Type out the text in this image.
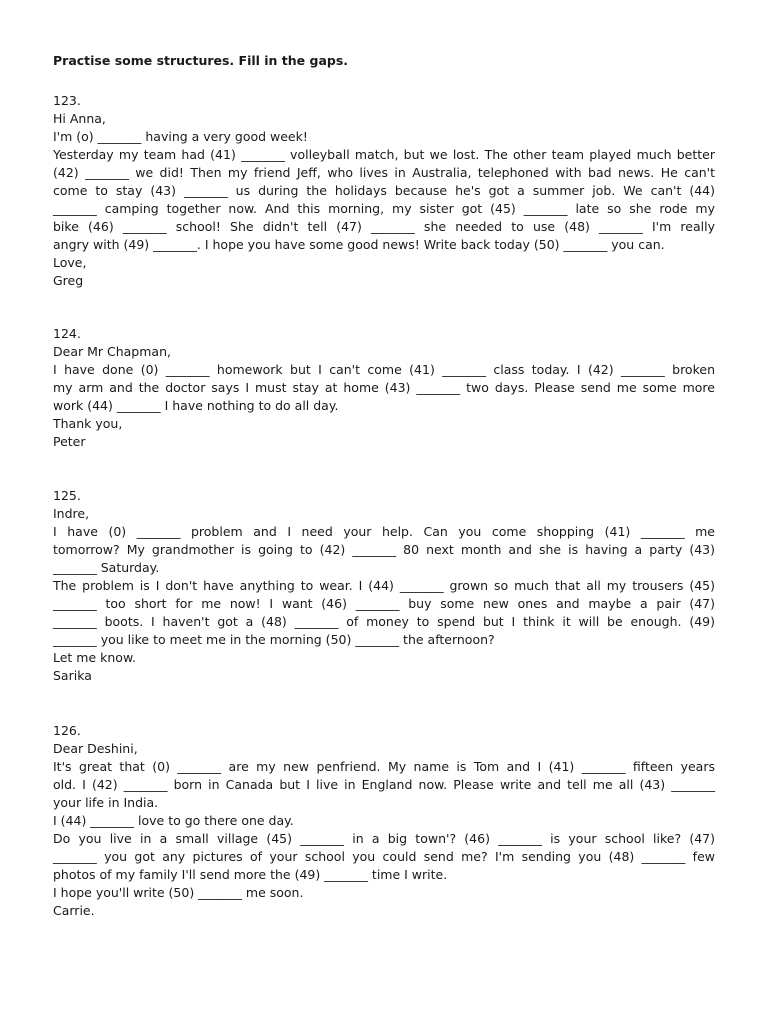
Practise some structures. Fill in the gaps.
123.
Hi Anna,
I'm (o) _______ having a very good week!
Yesterday my team had (41) _______ volleyball match, but we lost. The other team played much better
(42) _______ we did! Then my friend Jeff, who lives in Australia, telephoned with bad news. He can't
come to stay (43) _______ us during the holidays because he's got a summer job. We can't (44)
_______ camping together now. And this morning, my sister got (45) _______ late so she rode my
bike (46) _______ school! She didn't tell (47) _______ she needed to use (48) _______ I'm really
angry with (49) _______. I hope you have some good news! Write back today (50) _______ you can.
Love,
Greg
124.
Dear Mr Chapman,
I have done (0) _______ homework but I can't come (41) _______ class today. I (42) _______ broken
my arm and the doctor says I must stay at home (43) _______ two days. Please send me some more
work (44) _______ I have nothing to do all day.
Thank you,
Peter
125.
Indre,
I have (0) _______ problem and I need your help. Can you come shopping (41) _______ me
tomorrow? My grandmother is going to (42) _______ 80 next month and she is having a party (43)
_______ Saturday.
The problem is I don't have anything to wear. I (44) _______ grown so much that all my trousers (45)
_______ too short for me now! I want (46) _______ buy some new ones and maybe a pair (47)
_______ boots. I haven't got a (48) _______ of money to spend but I think it will be enough. (49)
_______ you like to meet me in the morning (50) _______ the afternoon?
Let me know.
Sarika
126.
Dear Deshini,
It's great that (0) _______ are my new penfriend. My name is Tom and I (41) _______ fifteen years
old. I (42) _______ born in Canada but I live in England now. Please write and tell me all (43) _______
your life in India.
I (44) _______ love to go there one day.
Do you live in a small village (45) _______ in a big town'? (46) _______ is your school like? (47)
_______ you got any pictures of your school you could send me? I'm sending you (48) _______ few
photos of my family I'll send more the (49) _______ time I write.
I hope you'll write (50) _______ me soon.
Carrie.
